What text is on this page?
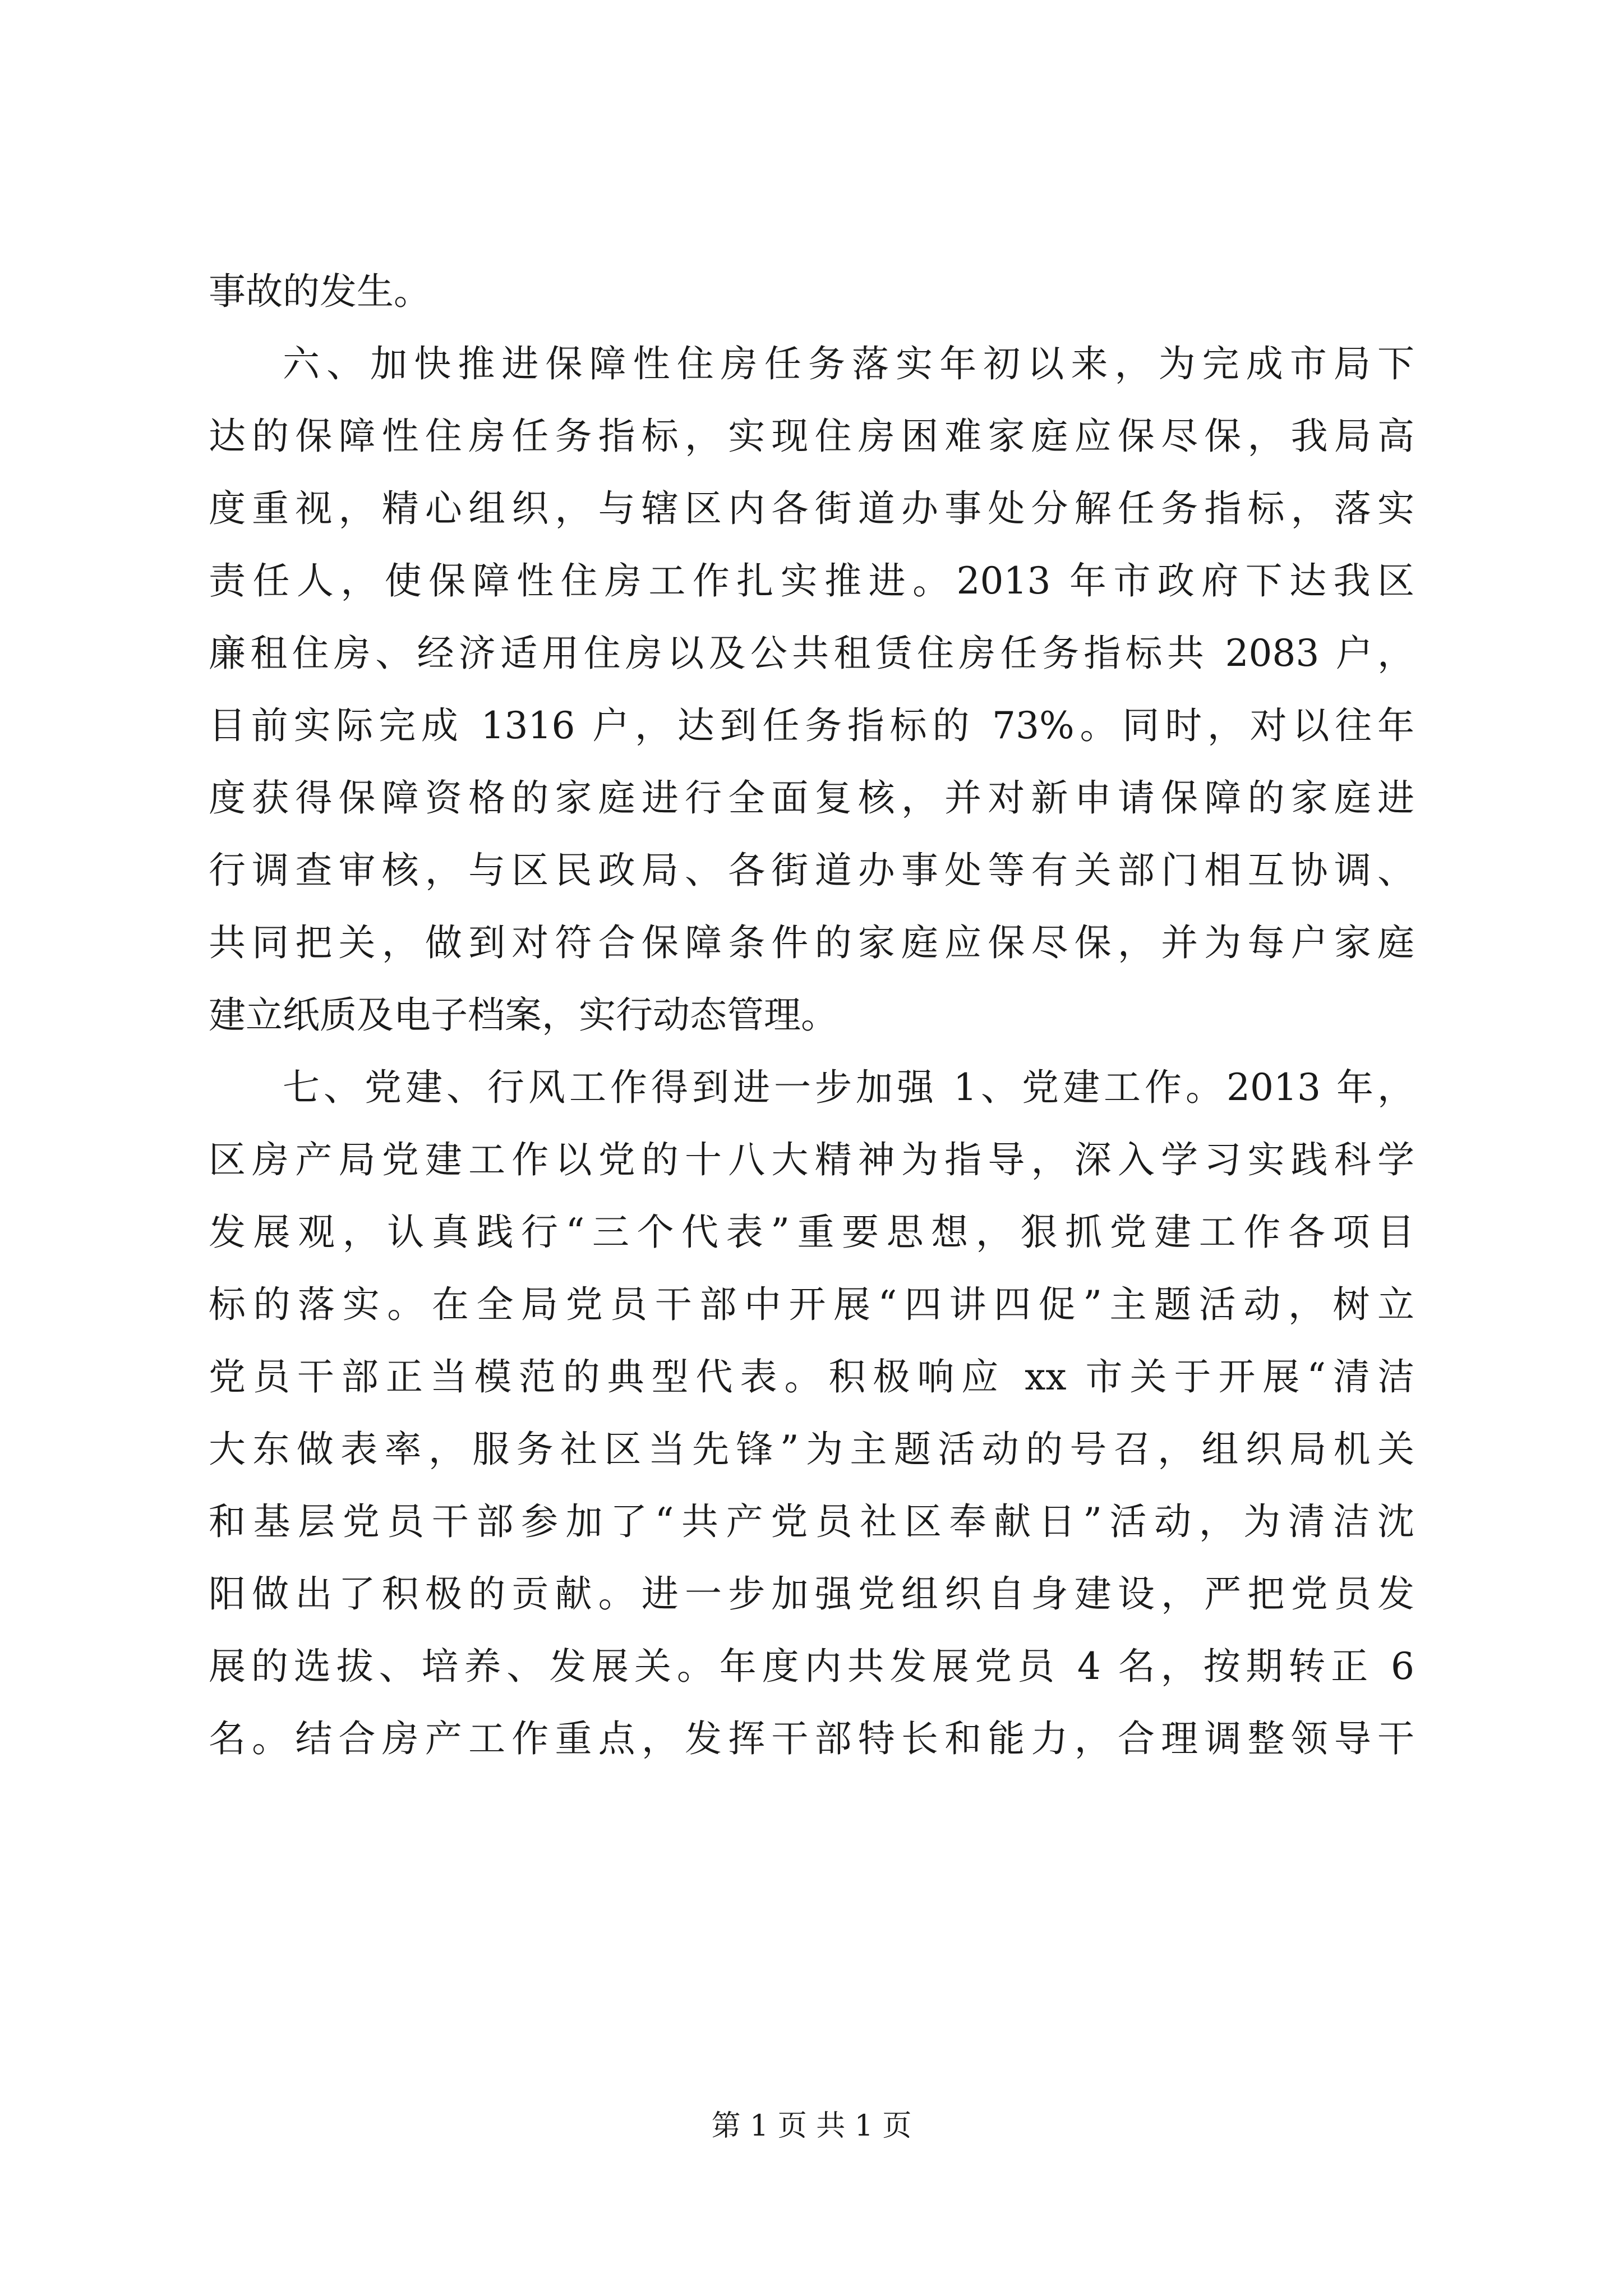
事故的发生。
六、加快推进保障性住房任务落实年初以来，为完成市局下
达的保障性住房任务指标，实现住房困难家庭应保尽保，我局高
度重视，精心组织，与辖区内各街道办事处分解任务指标，落实
责任人，使保障性住房工作扎实推进。2013 年市政府下达我区
廉租住房、经济适用住房以及公共租赁住房任务指标共 2083 户，
目前实际完成 1316 户，达到任务指标的 73%。同时，对以往年
度获得保障资格的家庭进行全面复核，并对新申请保障的家庭进
行调查审核，与区民政局、各街道办事处等有关部门相互协调、
共同把关，做到对符合保障条件的家庭应保尽保，并为每户家庭
建立纸质及电子档案，实行动态管理。
七、党建、行风工作得到进一步加强 1、党建工作。2013 年，
区房产局党建工作以党的十八大精神为指导，深入学习实践科学
发展观，认真践行“三个代表”重要思想，狠抓党建工作各项目
标的落实。在全局党员干部中开展“四讲四促”主题活动，树立
党员干部正当模范的典型代表。积极响应 xx 市关于开展“清洁
大东做表率，服务社区当先锋”为主题活动的号召，组织局机关
和基层党员干部参加了“共产党员社区奉献日”活动，为清洁沈
阳做出了积极的贡献。进一步加强党组织自身建设，严把党员发
展的选拔、培养、发展关。年度内共发展党员 4 名，按期转正 6
名。结合房产工作重点，发挥干部特长和能力，合理调整领导干
第 1 页 共 1 页
